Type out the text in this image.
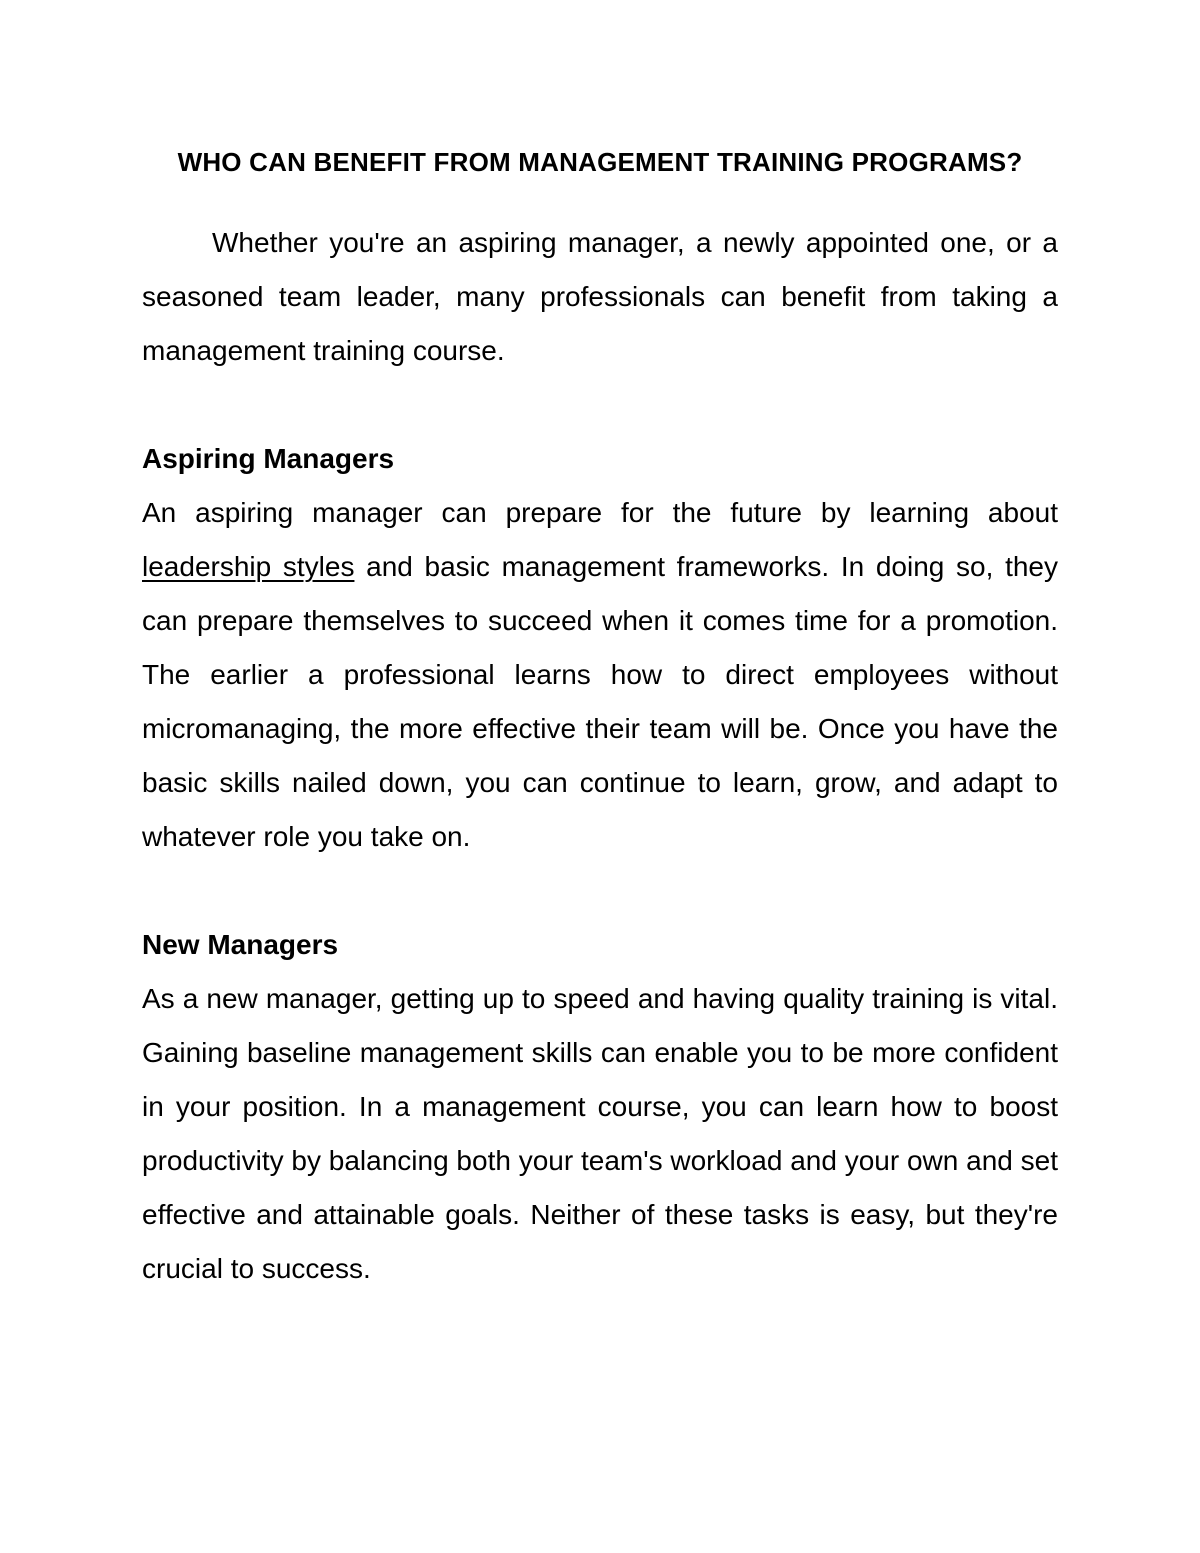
WHO CAN BENEFIT FROM MANAGEMENT TRAINING PROGRAMS?

Whether you're an aspiring manager, a newly appointed one, or a seasoned team leader, many professionals can benefit from taking a management training course.

Aspiring Managers

An aspiring manager can prepare for the future by learning about leadership styles and basic management frameworks. In doing so, they can prepare themselves to succeed when it comes time for a promotion. The earlier a professional learns how to direct employees without micromanaging, the more effective their team will be. Once you have the basic skills nailed down, you can continue to learn, grow, and adapt to whatever role you take on.

New Managers

As a new manager, getting up to speed and having quality training is vital. Gaining baseline management skills can enable you to be more confident in your position. In a management course, you can learn how to boost productivity by balancing both your team's workload and your own and set effective and attainable goals. Neither of these tasks is easy, but they're crucial to success.
